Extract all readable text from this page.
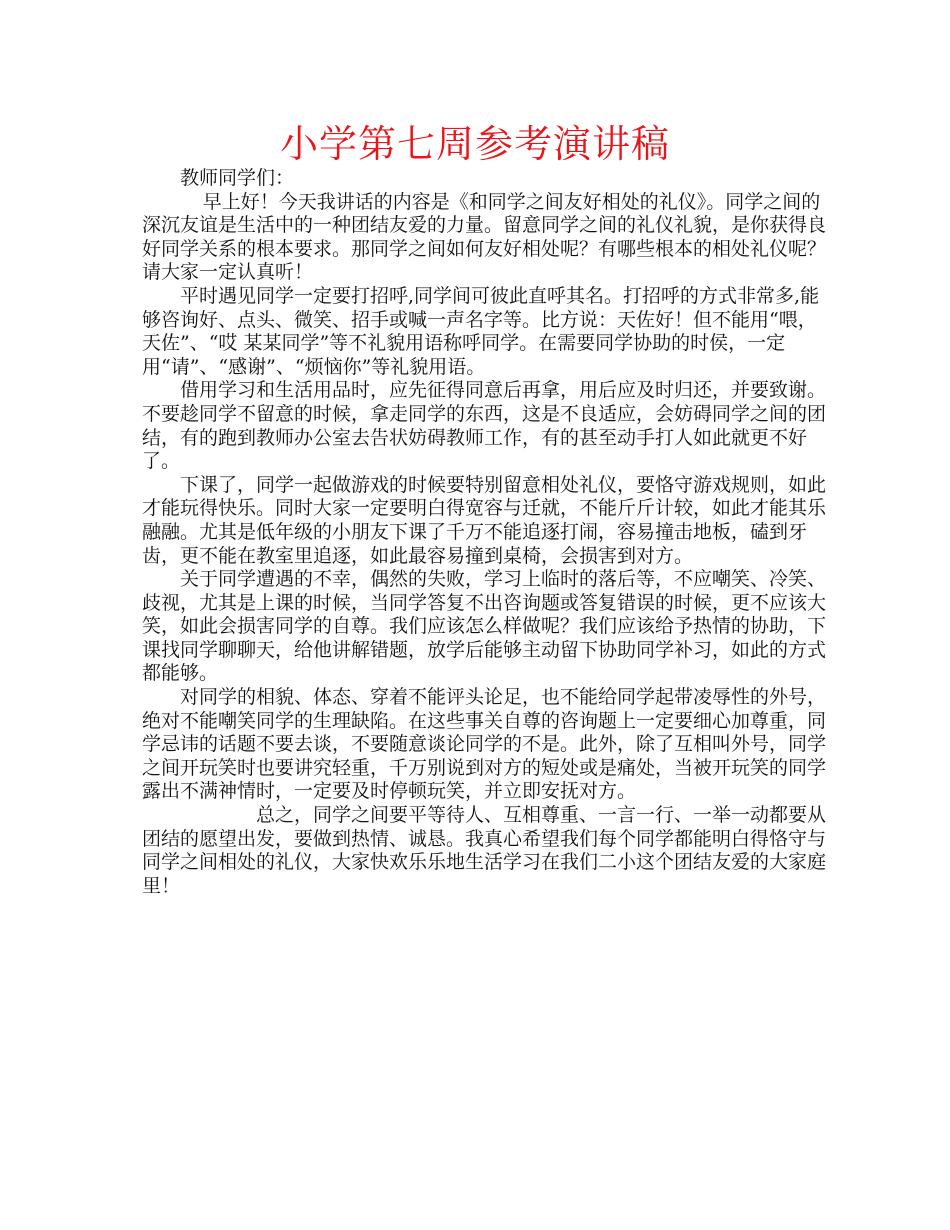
小学第七周参考演讲稿

教师同学们：

早上好！今天我讲话的内容是《和同学之间友好相处的礼仪》。同学之间的深沉友谊是生活中的一种团结友爱的力量。留意同学之间的礼仪礼貌，是你获得良好同学关系的根本要求。那同学之间如何友好相处呢？有哪些根本的相处礼仪呢？请大家一定认真听！

平时遇见同学一定要打招呼,同学间可彼此直呼其名。打招呼的方式非常多,能够咨询好、点头、微笑、招手或喊一声名字等。比方说：天佐好！但不能用“喂，天佐”、“哎 某某同学”等不礼貌用语称呼同学。在需要同学协助的时侯，一定用“请”、“感谢”、“烦恼你”等礼貌用语。

借用学习和生活用品时，应先征得同意后再拿，用后应及时归还，并要致谢。不要趁同学不留意的时候，拿走同学的东西，这是不良适应，会妨碍同学之间的团结，有的跑到教师办公室去告状妨碍教师工作，有的甚至动手打人如此就更不好了。

下课了，同学一起做游戏的时候要特别留意相处礼仪，要恪守游戏规则，如此才能玩得快乐。同时大家一定要明白得宽容与迁就，不能斤斤计较，如此才能其乐融融。尤其是低年级的小朋友下课了千万不能追逐打闹，容易撞击地板，磕到牙齿，更不能在教室里追逐，如此最容易撞到桌椅，会损害到对方。

关于同学遭遇的不幸，偶然的失败，学习上临时的落后等，不应嘲笑、冷笑、歧视，尤其是上课的时候，当同学答复不出咨询题或答复错误的时候，更不应该大笑，如此会损害同学的自尊。我们应该怎么样做呢？我们应该给予热情的协助，下课找同学聊聊天，给他讲解错题，放学后能够主动留下协助同学补习，如此的方式都能够。

对同学的相貌、体态、穿着不能评头论足，也不能给同学起带凌辱性的外号，绝对不能嘲笑同学的生理缺陷。在这些事关自尊的咨询题上一定要细心加尊重，同学忌讳的话题不要去谈，不要随意谈论同学的不是。此外，除了互相叫外号，同学之间开玩笑时也要讲究轻重，千万别说到对方的短处或是痛处，当被开玩笑的同学露出不满神情时，一定要及时停顿玩笑，并立即安抚对方。

总之，同学之间要平等待人、互相尊重、一言一行、一举一动都要从团结的愿望出发，要做到热情、诚恳。我真心希望我们每个同学都能明白得恪守与同学之间相处的礼仪，大家快欢乐乐地生活学习在我们二小这个团结友爱的大家庭里！
